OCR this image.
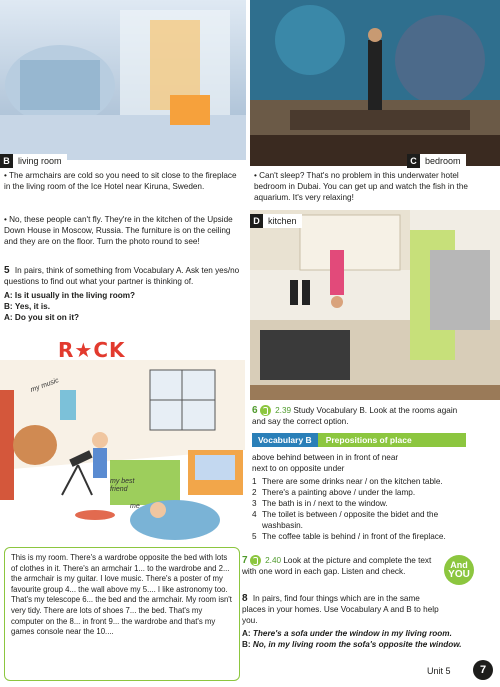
B living room	C bedroom
• The armchairs are cold so you need to sit close to the fireplace in the living room of the Ice Hotel near Kiruna, Sweden.
• Can't sleep? That's no problem in this underwater hotel bedroom in Dubai. You can get up and watch the fish in the aquarium. It's very relaxing!
• No, these people can't fly. They're in the kitchen of the Upside Down House in Moscow, Russia. The furniture is on the ceiling and they are on the floor. Turn the photo round to see!
D kitchen
5 In pairs, think of something from Vocabulary A. Ask ten yes/no questions to find out what your partner is thinking of.
A: Is it usually in the living room?
B: Yes, it is.
A: Do you sit on it?
R★CK
my music
my best friend
me
This is my room. There's a wardrobe opposite the bed with lots of clothes in it. There's an armchair 1... to the wardrobe and 2... the armchair is my guitar. I love music. There's a poster of my favourite group 4... the wall above my 5.... I like astronomy too. That's my telescope 6... the bed and the armchair. My room isn't very tidy. There are lots of shoes 7... the bed. That's my computer on the 8... in front 9... the wardrobe and that's my games console near the 10....
6 2.39 Study Vocabulary B. Look at the rooms again and say the correct option.
Vocabulary B	Prepositions of place
above behind between in in front of near
next to on opposite under
1 There are some drinks near / on the kitchen table.
2 There's a painting above / under the lamp.
3 The bath is in / next to the window.
4 The toilet is between / opposite the bidet and the washbasin.
5 The coffee table is behind / in front of the fireplace.
7 2.40 Look at the picture and complete the text with one word in each gap. Listen and check.
8 In pairs, find four things which are in the same places in your homes. Use Vocabulary A and B to help you.
A: There's a sofa under the window in my living room.
B: No, in my living room the sofa's opposite the window.
And
YOU
Unit 5	7
